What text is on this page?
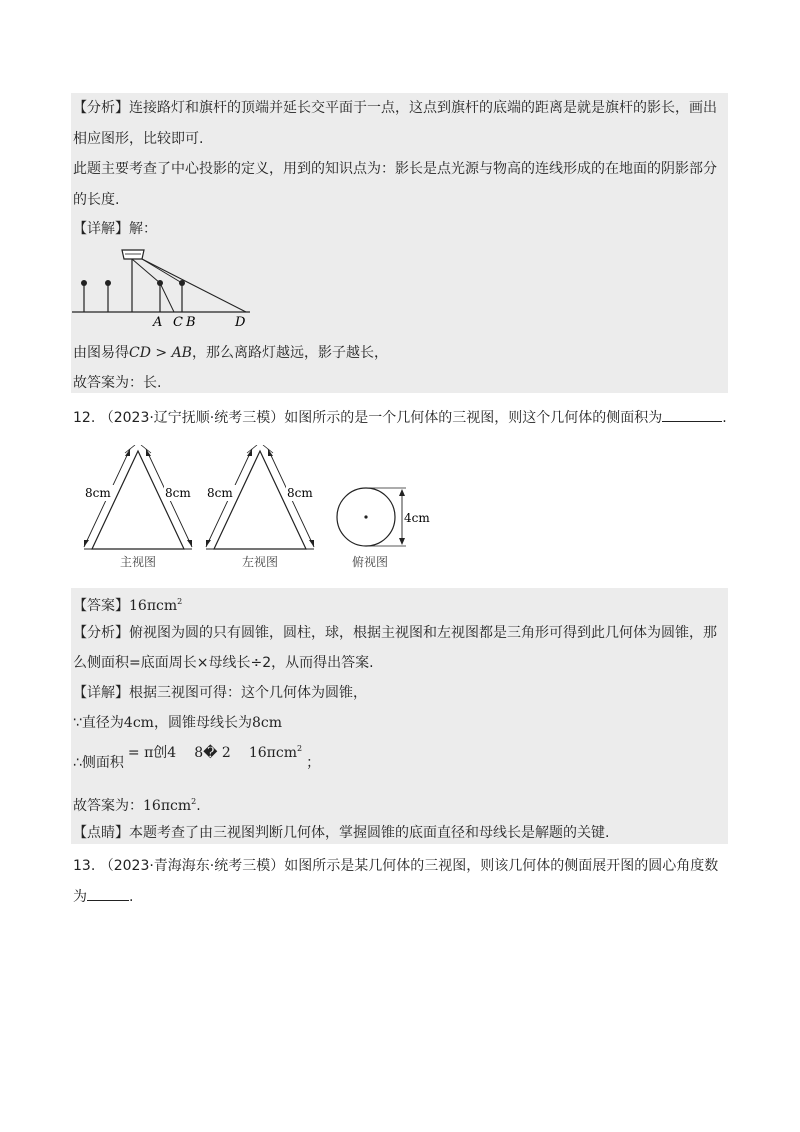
【分析】连接路灯和旗杆的顶端并延长交平面于一点，这点到旗杆的底端的距离是就是旗杆的影长，画出
相应图形，比较即可.
此题主要考查了中心投影的定义，用到的知识点为：影长是点光源与物高的连线形成的在地面的阴影部分
的长度.
【详解】解：
A C B	D
由图易得CD > AB，那么离路灯越远，影子越长，
故答案为：长.
12. （2023·辽宁抚顺·统考三模）如图所示的是一个几何体的三视图，则这个几何体的侧面积为	.
8cm	8cm
主视图
8cm	8cm
左视图
4cm
俯视图
【答案】16πcm$^2$
【分析】俯视图为圆的只有圆锥，圆柱，球，根据主视图和左视图都是三角形可得到此几何体为圆锥，那
么侧面积=底面周长×母线长÷2，从而得出答案.
【详解】根据三视图可得：这个几何体为圆锥，
∵直径为4cm，圆锥母线长为8cm
∴侧面积= π创4 8� 2 16πcm$^2$；
故答案为：16πcm$^2$.
【点睛】本题考查了由三视图判断几何体，掌握圆锥的底面直径和母线长是解题的关键.
13. （2023·青海海东·统考三模）如图所示是某几何体的三视图，则该几何体的侧面展开图的圆心角度数
为	.
